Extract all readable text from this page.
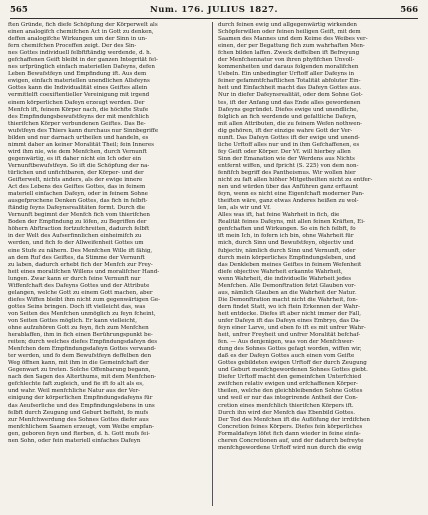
565	Num. 176. JULIUS 1827.	566
ften Gründe, fich diefe Schöpfung der Körperwelt als
einen analogifch chemifchen Act in Gott zu denken,
deffen analogifche Wirkungen um der Sinn in un-
fern chemifchen Proceffen zeigt. Der des Sin-
nes Gottes individuell felbftftändig werdende, d. h.
gefchaffenen Geift bleibt in der ganzen Integrität feï-
nes urfprünglich einfach materiellen Dafeyns, defen
Leben Bewufstfeyn und Empfindung ift. Aus dem
ewigen, einfach materiellen unendlichen Allsfeyns
Gottes kann die Individualität eines Geiftes allein
vermittelft coexiftentieller Vereinigung mit irgend
einem körperlichen Dafeyn erzeugt werden. Der
Menfch ift, feinem Körper nach, die höchfte Stufe
des Empfindungsbewufstfeyns der mit menfchlich
thierifchen Körper verbundenen Geiftes. Das Be-
wufstfeyn des Thiers kann durchaus nur Sinnbegriffe
bilden und nur darnach urtheilen und handeln, es
nimmt daher an keiner Moralität Theil; fein Inneres
wird ihm nie, wie dem Menfchen, durch Vernunft
gegenwärtig, es ift daher nicht ein Ich oder ein
Vernunftbewufstfeyn. So ift die Schöpfung der na-
türlichen und unfichtbaren, der Körper- und der
Geifterwelt, nichts anders, als der ewige innere
Act des Lebens des Geiftes Gottes, das in feinem
materiell einfachen Dafeyn, oder in feinem Sohne
ausgefprochene Denken Gottes, das fich in felbft-
ftändig feyns Dafeynsrealitäten formt. Durch die
Vernunft begimnt der Menfch fich vom thierifchen
Boden der Empfindung zu löfen, zu Begriffen der
höhern Abftraction fortzufchreiten, dadurch felbft
in der Welt des Aufserfinnlichen einheimifch zu
werden, und fich fo der Allweifenheit Gottes um
eine Stufe zu nähern. Des Menfchen Wille ift fähig,
an dem Ruf des Geiftes, da Stimme der Vernunft
zu laben, dadurch erhebt fich der Menfch zur Frey-
heit eines moralifchen Willens und moralifcher Hand-
lungen. Zwar kann er durch feine Vernunft nur
Wiffenfchaft des Dafeyns Gottes und der Attribute
gelangen, welche Gott zu einem Gott machen, aber
diefes Wiffen bleibt ihm nicht zum gegenwärtigen Ge-
gottes Seins bringen. Doch ift vielleicht das, was
von Seiten des Menfchen unmöglich zu feyn fcheint,
von Seiten Gottes möglich. Er kann vielleicht,
ohne aufzuhören Gott zu feyn, fich zum Menfchen
herablaffen, ihm in fich einen Berührungspunkt be-
reiten; durch welches diefes Empfindungsdafeyn des
Menfchen dem Empfindungsdafeyn Gottes verwand-
ter werden, und fo dem Bewufstfeyn deffelben den
Weg öffnen kann, mit ihm in die Gemeinfchaft der
Gegenwart zu treten. Solche Offenbarung begann,
nach den Sagen des Alterthums, mit dem Menfchen-
gefchlechte faft zugleich, und fie ift fo alt als es,
und wahr. Weil menfchliche Natur aus der Ver-
einigung der körperlichen Empfindungsdafeyns für
das Aeufserliche und des Empfindungslebens in uns
felbft durch Zeugung und Geburt befteht, fo mufs
zur Menfchwerdung des Sohnes Gottes diefer aus
menfchlichem Saamen erzeugt, vom Weibe empfan-
gen, geboren feyn und fterben, d. h. Gott mufs fei-
nen Sohn, oder fein materiell einfaches Dafeyn
durch feinen ewig und allgegenwärtig wirkenden
Schöpferwillen oder feinen heiligen Geift, mit dem
Saamen des Mannes und dem Keime des Weibes ver-
einen, der per Begattung fich zum wahrhaften Men-
fchen bilden laffen. Zweck deffelben ift Befreyung
der Menfchennatur von ihren phyfifchen Unvoll-
kommenheiten und daraus folgenden moralifchen
Uebeln. Ein unbedingter Urftoff aller Dafeyns in
feiner gefammtfchaftlichen Totalität abfoluter Ein-
heit und Einfachheit macht das Dafeyn Gottes aus.
Nur in diefer Dafeynsrealität, oder dem Sohne Got-
tes, ift der Anfang und das Ende alles gewordenen
Dafeyns gegründet. Diefes ewige und unendliche,
folglich an fich werdende und gefaltliche Dafeyn,
mit allen Attributen, die zu feinem Wefen nothwen-
dig gehören, ift der einzige wahre Gott der Ver-
nunft. Das Dafeyn Gottes ift der ewige und unend-
liche Urftoff alles nur und in ihm Gefchaffenen, es
fey Geift oder Körper. Der Vf. will hierbey allen
Sinn der Emanation wie der Werdens aus Nichts
entfernt wiffen, und fpricht (S. 225) von dem non-
fenfifch begriff des Pantheismus. Wir wollen hier
nicht zu faft allen hiöher Mitgetheilten nicht zu entfer-
nen und würden über das Anführen ganz erftaunt
feyn, wenn es nicht eine Eigenfchaft moderner Pan-
theiften wäre, ganz etwas Anderes heißen zu wol-
len, als wir und Vf.
Alles was ift, hat feine Wahrheit in fich, die
Realität feines Dafeyns, mit allen feinen Kräften, Ei-
genfchaften und Wirkungen. So ein fich felbft, fo
ift mein Ich, in fofern ich bin, ohne Wahrheit für
mich, durch Sinn und Bewufstfeyn, objectiv und
fubjectiv, nämlich durch Sinn und Vernunft, oder
durch mein körperliches Empfindungsleben, und
das Denkleben meines Geiftes in feinem Wefenheit
diefe objective Wahrheit erkannte Wahrheit,
wenn Wahrheit, die individuelle Wahrheit jedes
Menfchen. Alle Demonftration fetzt Glauben vor-
aus, nämlich Glauben an die Wahrheit der Natur.
Die Demonftration macht nicht die Wahrheit, fon-
dern findet Statt, wo ich ftein Erkennen der Wahr-
heit entdecke. Diefes ift aber nicht immer der Fall,
unfer Dafeyn ift das Dafeyn eines Embryo, das Da-
feyn einer Larve, und eben fo ift es mit unfrer Wahr-
heit, unfrer Freyheit und unfrer Moralität befchaf-
fen. — Aus denjenigen, was von der Menfchwer-
dung des Sohnes Gottes gefagt worden, wiffen wir,
daß es der Dafeyn Gottes auch einen vom Geifte
Gottes gebildeten ewigen Urftoff der durch Zeugung
und Geburt menfchgewordenen Sohnes Gottes giebt.
Diefer Urftoff macht den gemeinfchen Unterfchied
zwifchen relativ ewigen und erfchaffenen Körper-
theilen, welche den gleichbleibenden Sohne Gottes
und weil er nur das integrirende Antheil der Con-
cretion eines menfchlich thierifchen Körpers ift.
Durch ihn wird der Menfch das Ebenbild Gottes.
Der Tod des Menfchen ift die Auflöfung der irrdifchen
Concretion feines Körpers. Diefes fein körperliches
Formaldafeyn löfet fich dann wieder in feine einfa-
cheren Concretionen auf, und der dadurch befreyte
menfchgewordene Urftoff wird nun durch die ewig
